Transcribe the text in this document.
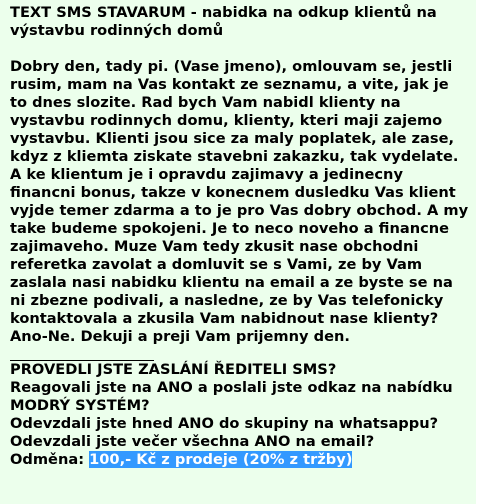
TEXT SMS STAVARUM - nabidka na odkup klientů na výstavbu rodinných domů

Dobry den, tady pi. (Vase jmeno), omlouvam se, jestli rusim, mam na Vas kontakt ze seznamu, a vite, jak je to dnes slozite. Rad bych Vam nabidl klienty na vystavbu rodinnych domu, klienty, kteri maji zajemo vystavbu. Klienti jsou sice za maly poplatek, ale zase, kdyz z kliemta ziskate stavebni zakazku, tak vydelate. A ke klientum je i opravdu zajimavy a jedinecny financni bonus, takze v konecnem dusledku Vas klient vyjde temer zdarma a to je pro Vas dobry obchod. A my take budeme spokojeni. Je to neco noveho a financne zajimaveho. Muze Vam tedy zkusit nase obchodni referetka zavolat a domluvit se s Vami, ze by Vam zaslala nasi nabidku klientu na email a ze byste se na ni zbezne podivali, a nasledne, ze by Vas telefonicky kontaktovala a zkusila Vam nabidnout nase klienty? Ano-Ne. Dekuji a preji Vam prijemny den.

PROVEDLI JSTE ZASLÁNÍ ŘEDITELI SMS?

Reagovali jste na ANO a poslali jste odkaz na nabídku MODRÝ SYSTÉM?

Odevzdali jste hned ANO do skupiny na whatsappu?

Odevzdali jste večer všechna ANO na email?

Odměna: 100,- Kč z prodeje (20% z tržby)
